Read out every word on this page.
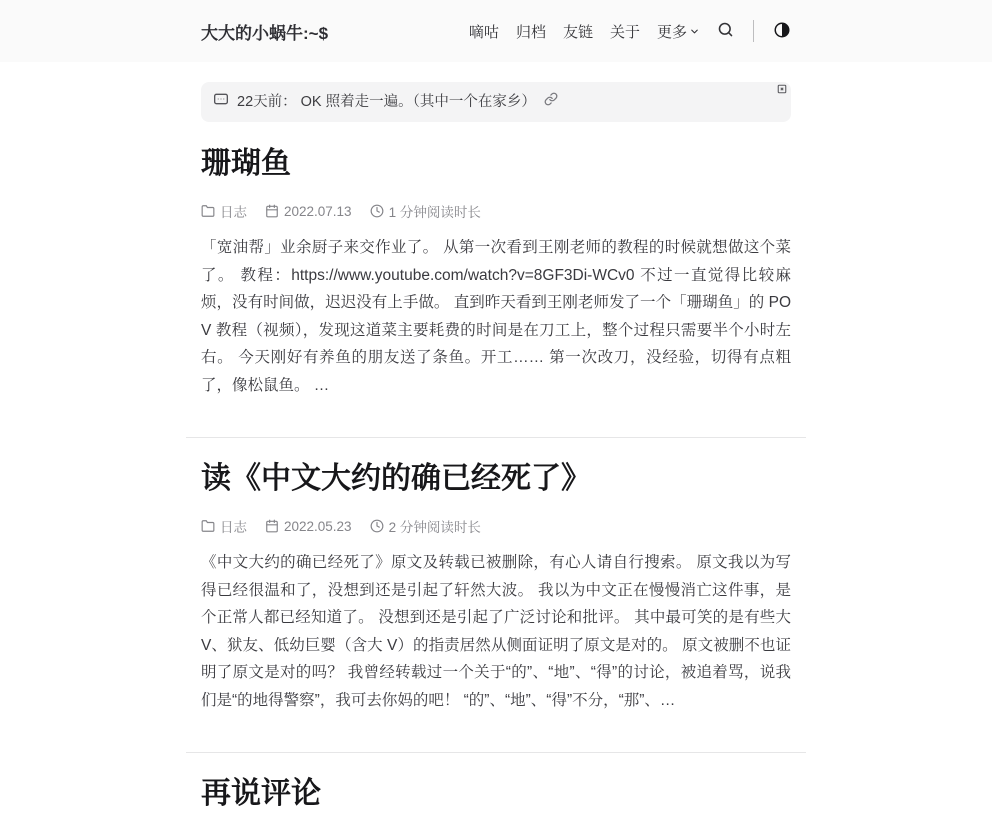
大大的小蜗牛:~$	嘀咕 归档 友链 关于 更多
22天前： OK 照着走一遍。（其中一个在家乡）
珊瑚鱼
日志	2022.07.13	1 分钟阅读时长

「宽油帮」业余厨子来交作业了。 从第一次看到王刚老师的教程的时候就想做这个菜了。 教程：https://www.youtube.com/watch?v=8GF3Di-WCv0 不过一直觉得比较麻烦，没有时间做，迟迟没有上手做。 直到昨天看到王刚老师发了一个「珊瑚鱼」的 POV 教程（视频），发现这道菜主要耗费的时间是在刀工上，整个过程只需要半个小时左右。 今天刚好有养鱼的朋友送了条鱼。开工…… 第一次改刀，没经验，切得有点粗了，像松鼠鱼。 …

读《中文大约的确已经死了》
日志	2022.05.23	2 分钟阅读时长

《中文大约的确已经死了》原文及转载已被删除，有心人请自行搜索。 原文我以为写得已经很温和了，没想到还是引起了轩然大波。 我以为中文正在慢慢消亡这件事，是个正常人都已经知道了。 没想到还是引起了广泛讨论和批评。 其中最可笑的是有些大 V、狱友、低幼巨婴（含大 V）的指责居然从侧面证明了原文是对的。 原文被删不也证明了原文是对的吗？ 我曾经转载过一个关于“的”、“地”、“得”的讨论，被追着骂，说我们是“的地得警察”，我可去你妈的吧！ “的”、“地”、“得”不分，“那”、…

再说评论
